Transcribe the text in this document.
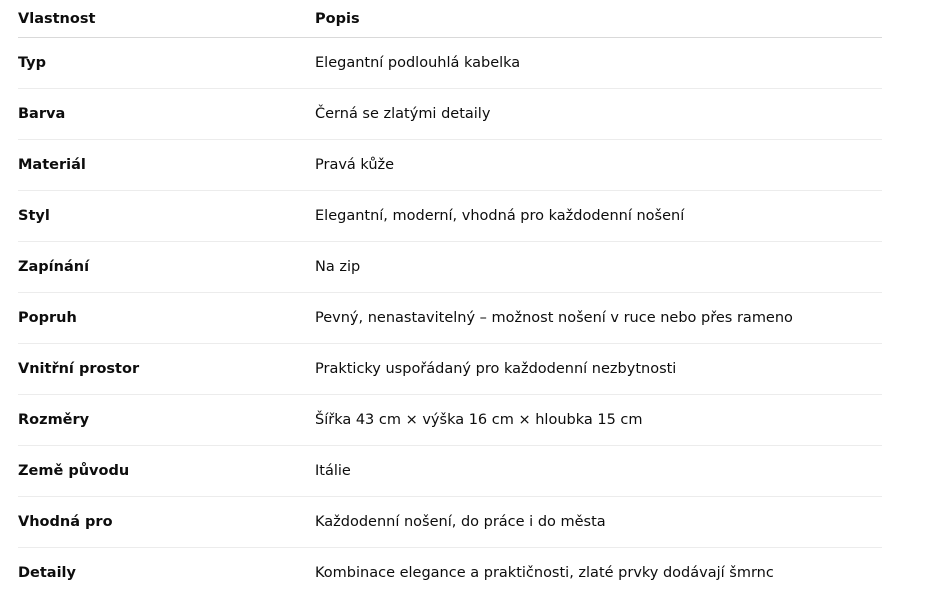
Vlastnost	Popis
Typ	Elegantní podlouhlá kabelka
Barva	Černá se zlatými detaily
Materiál	Pravá kůže
Styl	Elegantní, moderní, vhodná pro každodenní nošení
Zapínání	Na zip
Popruh	Pevný, nenastavitelný – možnost nošení v ruce nebo přes rameno
Vnitřní prostor	Prakticky uspořádaný pro každodenní nezbytnosti
Rozměry	Šířka 43 cm × výška 16 cm × hloubka 15 cm
Země původu	Itálie
Vhodná pro	Každodenní nošení, do práce i do města
Detaily	Kombinace elegance a praktičnosti, zlaté prvky dodávají šmrnc
